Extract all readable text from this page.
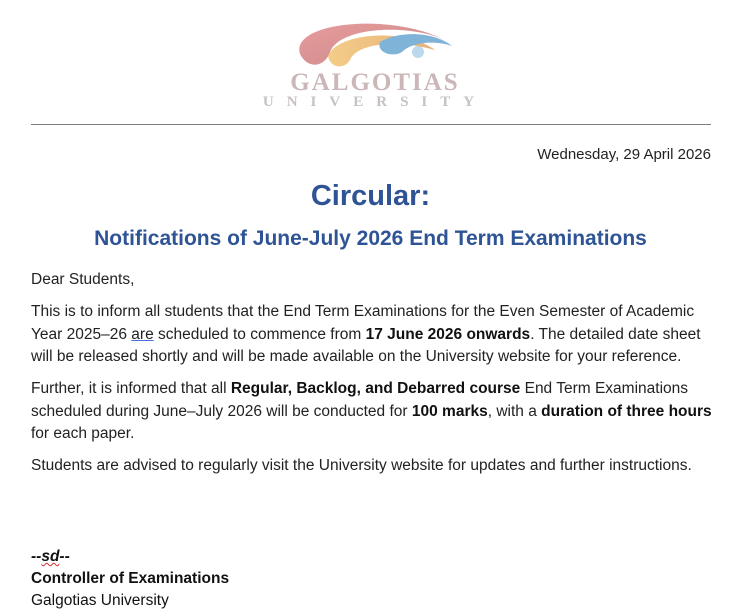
GALGOTIAS
UNIVERSITY
Wednesday, 29 April 2026
Circular:
Notifications of June-July 2026 End Term Examinations
Dear Students,

This is to inform all students that the End Term Examinations for the Even Semester of Academic Year 2025–26 are scheduled to commence from 17 June 2026 onwards. The detailed date sheet will be released shortly and will be made available on the University website for your reference.

Further, it is informed that all Regular, Backlog, and Debarred course End Term Examinations scheduled during June–July 2026 will be conducted for 100 marks, with a duration of three hours for each paper.

Students are advised to regularly visit the University website for updates and further instructions.
--sd--
Controller of Examinations
Galgotias University
